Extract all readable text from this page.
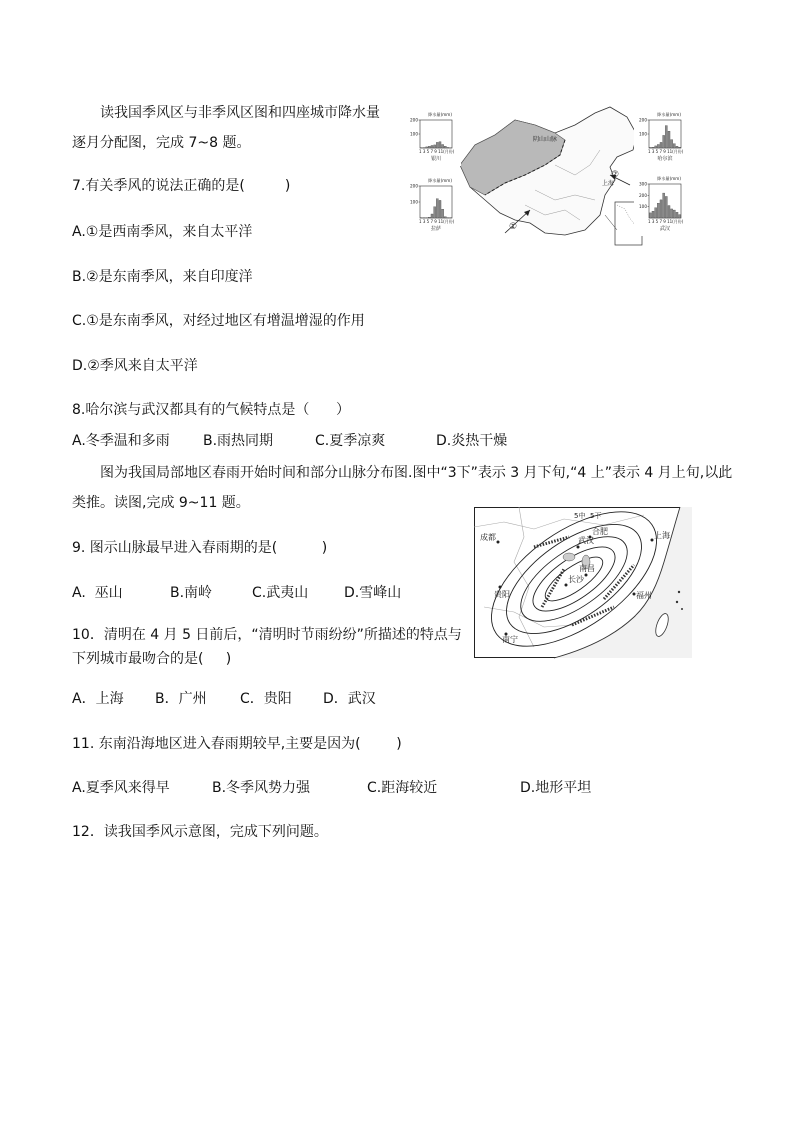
读我国季风区与非季风区图和四座城市降水量
逐月分配图，完成 7~8 题。	阴山山脉
上海
①
②
降水量(mm)
200
100
1 3 5 7 9 11(月份)
银川
降水量(mm)
200
100
1 3 5 7 9 11(月份)
拉萨
降水量(mm)
200
100
1 3 5 7 9 11(月份)
哈尔滨
降水量(mm)
300
200
100
1 3 5 7 9 11(月份)
武汉
7.有关季风的说法正确的是(         )
A.①是西南季风，来自太平洋
B.②是东南季风，来自印度洋
C.①是东南季风，对经过地区有增温增湿的作用
D.②季风来自太平洋
8.哈尔滨与武汉都具有的气候特点是（      ）
A.冬季温和多雨 B.雨热同期	C.夏季凉爽	D.炎热干燥
图为我国局部地区春雨开始时间和部分山脉分布图.图中“3下”表示 3 月下旬,“4 上”表示 4 月上旬,以此
类推。读图,完成 9~11 题。
成都
合肥	上海
武汉
南昌
长沙
贵阳	福州
南宁
5中 5下
9. 图示山脉最早进入春雨期的是(          )
A.  巫山	B.南岭	C.武夷山	D.雪峰山
10．清明在 4 月 5 日前后，“清明时节雨纷纷”所描述的特点与
下列城市最吻合的是(     )
A．上海 B．广州 C．贵阳 D．武汉
11. 东南沿海地区进入春雨期较早,主要是因为(        )
A.夏季风来得早	B.冬季风势力强	C.距海较近	D.地形平坦
12．读我国季风示意图，完成下列问题。
